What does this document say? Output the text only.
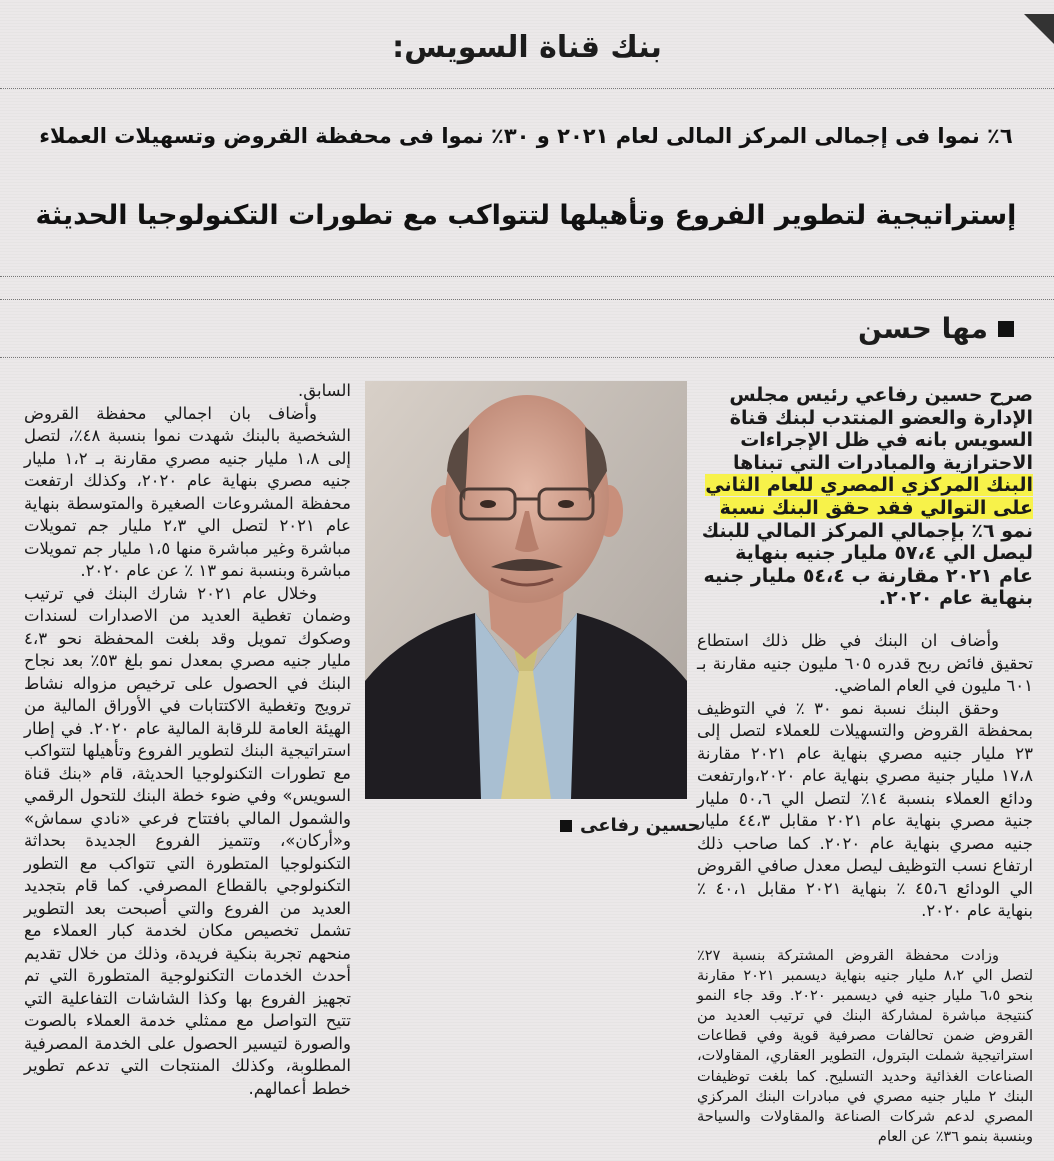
بنك قناة السويس:
٦٪ نموا فى إجمالى المركز المالى لعام ٢٠٢١ و ٣٠٪ نموا فى محفظة القروض وتسهيلات العملاء
إستراتيجية لتطوير الفروع وتأهيلها لتتواكب مع تطورات التكنولوجيا الحديثة
مها حسن
حسين رفاعى
صرح حسين رفاعي رئيس مجلس
الإدارة والعضو المنتدب لبنك قناة
السويس بانه في ظل الإجراءات
الاحترازية والمبادرات التي تبناها
البنك المركزي المصري للعام الثاني
على التوالي فقد حقق البنك نسبة
نمو ٦٪ بإجمالي المركز المالي للبنك
ليصل الي ٥٧،٤ مليار جنيه بنهاية
عام ٢٠٢١ مقارنة ب ٥٤،٤ مليار جنيه
بنهاية عام ٢٠٢٠.

وأضاف ان البنك في ظل ذلك استطاع تحقيق فائض ربح قدره ٦٠٥ مليون جنيه مقارنة بـ ٦٠١ مليون في العام الماضي.

وحقق البنك نسبة نمو ٣٠ ٪ في التوظيف بمحفظة القروض والتسهيلات للعملاء لتصل إلى ٢٣ مليار جنيه مصري بنهاية عام ٢٠٢١ مقارنة ١٧،٨ مليار جنية مصري بنهاية عام ٢٠٢٠،وارتفعت ودائع العملاء بنسبة ١٤٪ لتصل الي ٥٠،٦ مليار جنية مصري بنهاية عام ٢٠٢١ مقابل ٤٤،٣ مليار جنيه مصري بنهاية عام ٢٠٢٠. كما صاحب ذلك ارتفاع نسب التوظيف ليصل معدل صافي القروض الي الودائع ٤٥،٦ ٪ بنهاية ٢٠٢١ مقابل ٤٠،١ ٪ بنهاية عام ٢٠٢٠.

وزادت محفظة القروض المشتركة بنسبة ٢٧٪ لتصل الي ٨،٢ مليار جنيه بنهاية ديسمبر ٢٠٢١ مقارنة بنحو ٦،٥ مليار جنيه في ديسمبر ٢٠٢٠. وقد جاء النمو كنتيجة مباشرة لمشاركة البنك في ترتيب العديد من القروض ضمن تحالفات مصرفية قوية وفي قطاعات استراتيجية شملت البترول، التطوير العقاري، المقاولات، الصناعات الغذائية وحديد التسليح. كما بلغت توظيفات البنك ٢ مليار جنيه مصري في مبادرات البنك المركزي المصري لدعم شركات الصناعة والمقاولات والسياحة وبنسبة بنمو ٣٦٪ عن العام

السابق.

وأضاف بان اجمالي محفظة القروض الشخصية بالبنك شهدت نموا بنسبة ٤٨٪، لتصل إلى ١،٨ مليار جنيه مصري مقارنة بـ ١،٢ مليار جنيه مصري بنهاية عام ٢٠٢٠، وكذلك ارتفعت محفظة المشروعات الصغيرة والمتوسطة بنهاية عام ٢٠٢١ لتصل الي ٢،٣ مليار جم تمويلات مباشرة وغير مباشرة منها ١،٥ مليار جم تمويلات مباشرة وبنسبة نمو ١٣ ٪ عن عام ٢٠٢٠.

وخلال عام ٢٠٢١ شارك البنك في ترتيب وضمان تغطية العديد من الاصدارات لسندات وصكوك تمويل وقد بلغت المحفظة نحو ٤،٣ مليار جنيه مصري بمعدل نمو بلغ ٥٣٪ بعد نجاح البنك في الحصول على ترخيص مزواله نشاط ترويج وتغطية الاكتتابات في الأوراق المالية من الهيئة العامة للرقابة المالية عام ٢٠٢٠. في إطار استراتيجية البنك لتطوير الفروع وتأهيلها لتتواكب مع تطورات التكنولوجيا الحديثة، قام «بنك قناة السويس» وفي ضوء خطة البنك للتحول الرقمي والشمول المالي بافتتاح فرعي «نادي سماش» و«أركان»، وتتميز الفروع الجديدة بحداثة التكنولوجيا المتطورة التي تتواكب مع التطور التكنولوجي بالقطاع المصرفي. كما قام بتجديد العديد من الفروع والتي أصبحت بعد التطوير تشمل تخصيص مكان لخدمة كبار العملاء مع منحهم تجربة بنكية فريدة، وذلك من خلال تقديم أحدث الخدمات التكنولوجية المتطورة التي تم تجهيز الفروع بها وكذا الشاشات التفاعلية التي تتيح التواصل مع ممثلي خدمة العملاء بالصوت والصورة لتيسير الحصول على الخدمة المصرفية المطلوبة، وكذلك المنتجات التي تدعم تطوير خطط أعمالهم.
